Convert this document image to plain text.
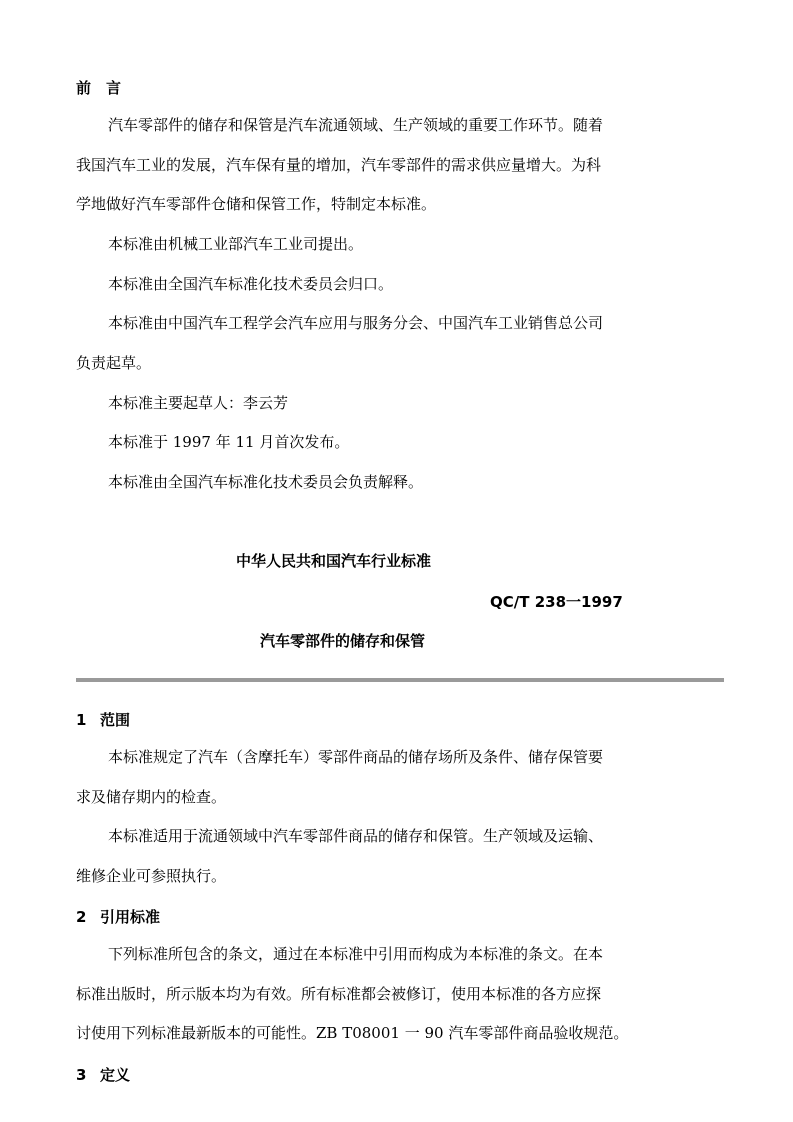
前　言
汽车零部件的储存和保管是汽车流通领域、生产领域的重要工作环节。随着
我国汽车工业的发展，汽车保有量的增加，汽车零部件的需求供应量增大。为科
学地做好汽车零部件仓储和保管工作，特制定本标准。
本标准由机械工业部汽车工业司提出。
本标准由全国汽车标准化技术委员会归口。
本标准由中国汽车工程学会汽车应用与服务分会、中国汽车工业销售总公司
负责起草。
本标准主要起草人：李云芳
本标准于 1997 年 11 月首次发布。
本标准由全国汽车标准化技术委员会负责解释。
中华人民共和国汽车行业标准
QC/T 238一1997
汽车零部件的储存和保管
1 范围
本标准规定了汽车（含摩托车）零部件商品的储存场所及条件、储存保管要
求及储存期内的检查。
本标准适用于流通领域中汽车零部件商品的储存和保管。生产领域及运输、
维修企业可参照执行。
2 引用标准
下列标准所包含的条文，通过在本标准中引用而构成为本标准的条文。在本
标准出版时，所示版本均为有效。所有标准都会被修订，使用本标准的各方应探
讨使用下列标准最新版本的可能性。ZB T08001 一 90 汽车零部件商品验收规范。
3 定义
